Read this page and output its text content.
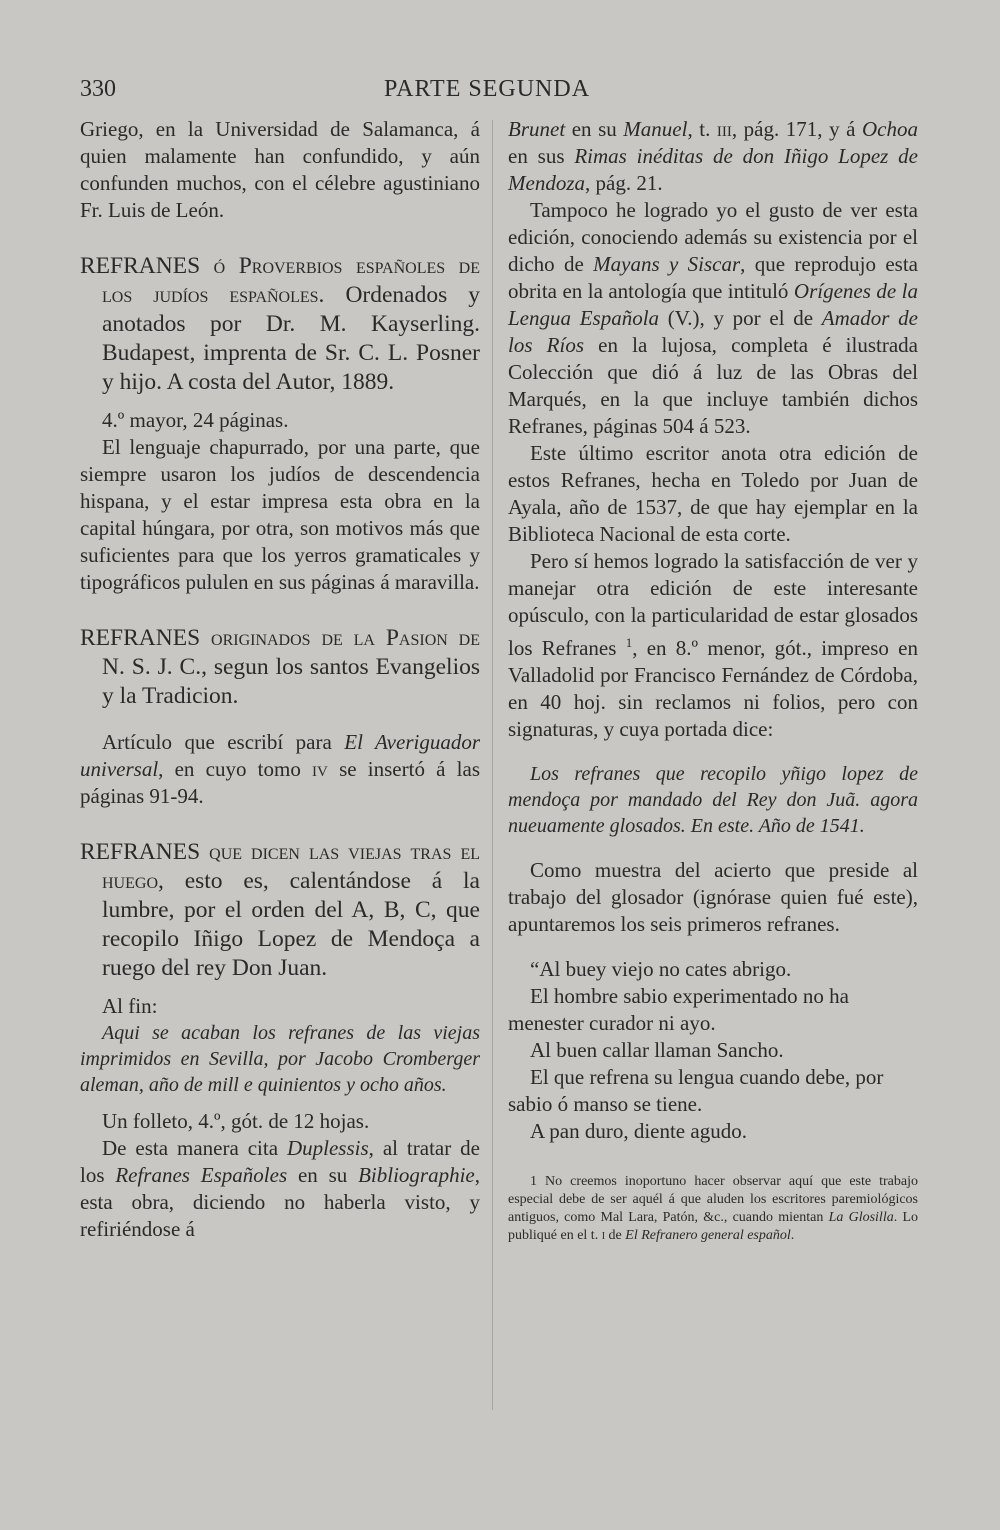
330	PARTE SEGUNDA

Griego, en la Universidad de Salamanca, á quien malamente han confundido, y aún confunden muchos, con el célebre agustiniano Fr. Luis de León.

REFRANES ó Proverbios españoles de los judíos españoles. Ordenados y anotados por Dr. M. Kayserling. Budapest, imprenta de Sr. C. L. Posner y hijo. A costa del Autor, 1889.

4.º mayor, 24 páginas.

El lenguaje chapurrado, por una parte, que siempre usaron los judíos de descendencia hispana, y el estar impresa esta obra en la capital húngara, por otra, son motivos más que suficientes para que los yerros gramaticales y tipográficos pululen en sus páginas á maravilla.

REFRANES originados de la Pasion de N. S. J. C., segun los santos Evangelios y la Tradicion.

Artículo que escribí para El Averiguador universal, en cuyo tomo iv se insertó á las páginas 91-94.

REFRANES que dicen las viejas tras el huego, esto es, calentándose á la lumbre, por el orden del A, B, C, que recopilo Iñigo Lopez de Mendoça a ruego del rey Don Juan.

Al fin:

Aqui se acaban los refranes de las viejas imprimidos en Sevilla, por Jacobo Cromberger aleman, año de mill e quinientos y ocho años.

Un folleto, 4.º, gót. de 12 hojas.

De esta manera cita Duplessis, al tratar de los Refranes Españoles en su Bibliographie, esta obra, diciendo no haberla visto, y refiriéndose á

Brunet en su Manuel, t. iii, pág. 171, y á Ochoa en sus Rimas inéditas de don Iñigo Lopez de Mendoza, pág. 21.

Tampoco he logrado yo el gusto de ver esta edición, conociendo además su existencia por el dicho de Mayans y Siscar, que reprodujo esta obrita en la antología que intituló Orígenes de la Lengua Española (V.), y por el de Amador de los Ríos en la lujosa, completa é ilustrada Colección que dió á luz de las Obras del Marqués, en la que incluye también dichos Refranes, páginas 504 á 523.

Este último escritor anota otra edición de estos Refranes, hecha en Toledo por Juan de Ayala, año de 1537, de que hay ejemplar en la Biblioteca Nacional de esta corte.

Pero sí hemos logrado la satisfacción de ver y manejar otra edición de este interesante opúsculo, con la particularidad de estar glosados los Refranes $^1$, en 8.º menor, gót., impreso en Valladolid por Francisco Fernández de Córdoba, en 40 hoj. sin reclamos ni folios, pero con signaturas, y cuya portada dice:

Los refranes que recopilo yñigo lopez de mendoça por mandado del Rey don Juã. agora nueuamente glosados. En este. Año de 1541.

Como muestra del acierto que preside al trabajo del glosador (ignórase quien fué este), apuntaremos los seis primeros refranes.

“Al buey viejo no cates abrigo.

El hombre sabio experimentado no ha menester curador ni ayo.

Al buen callar llaman Sancho.

El que refrena su lengua cuando debe, por sabio ó manso se tiene.

A pan duro, diente agudo.

1 No creemos inoportuno hacer observar aquí que este trabajo especial debe de ser aquél á que aluden los escritores paremiológicos antiguos, como Mal Lara, Patón, &c., cuando mientan La Glosilla. Lo publiqué en el t. i de El Refranero general español.
